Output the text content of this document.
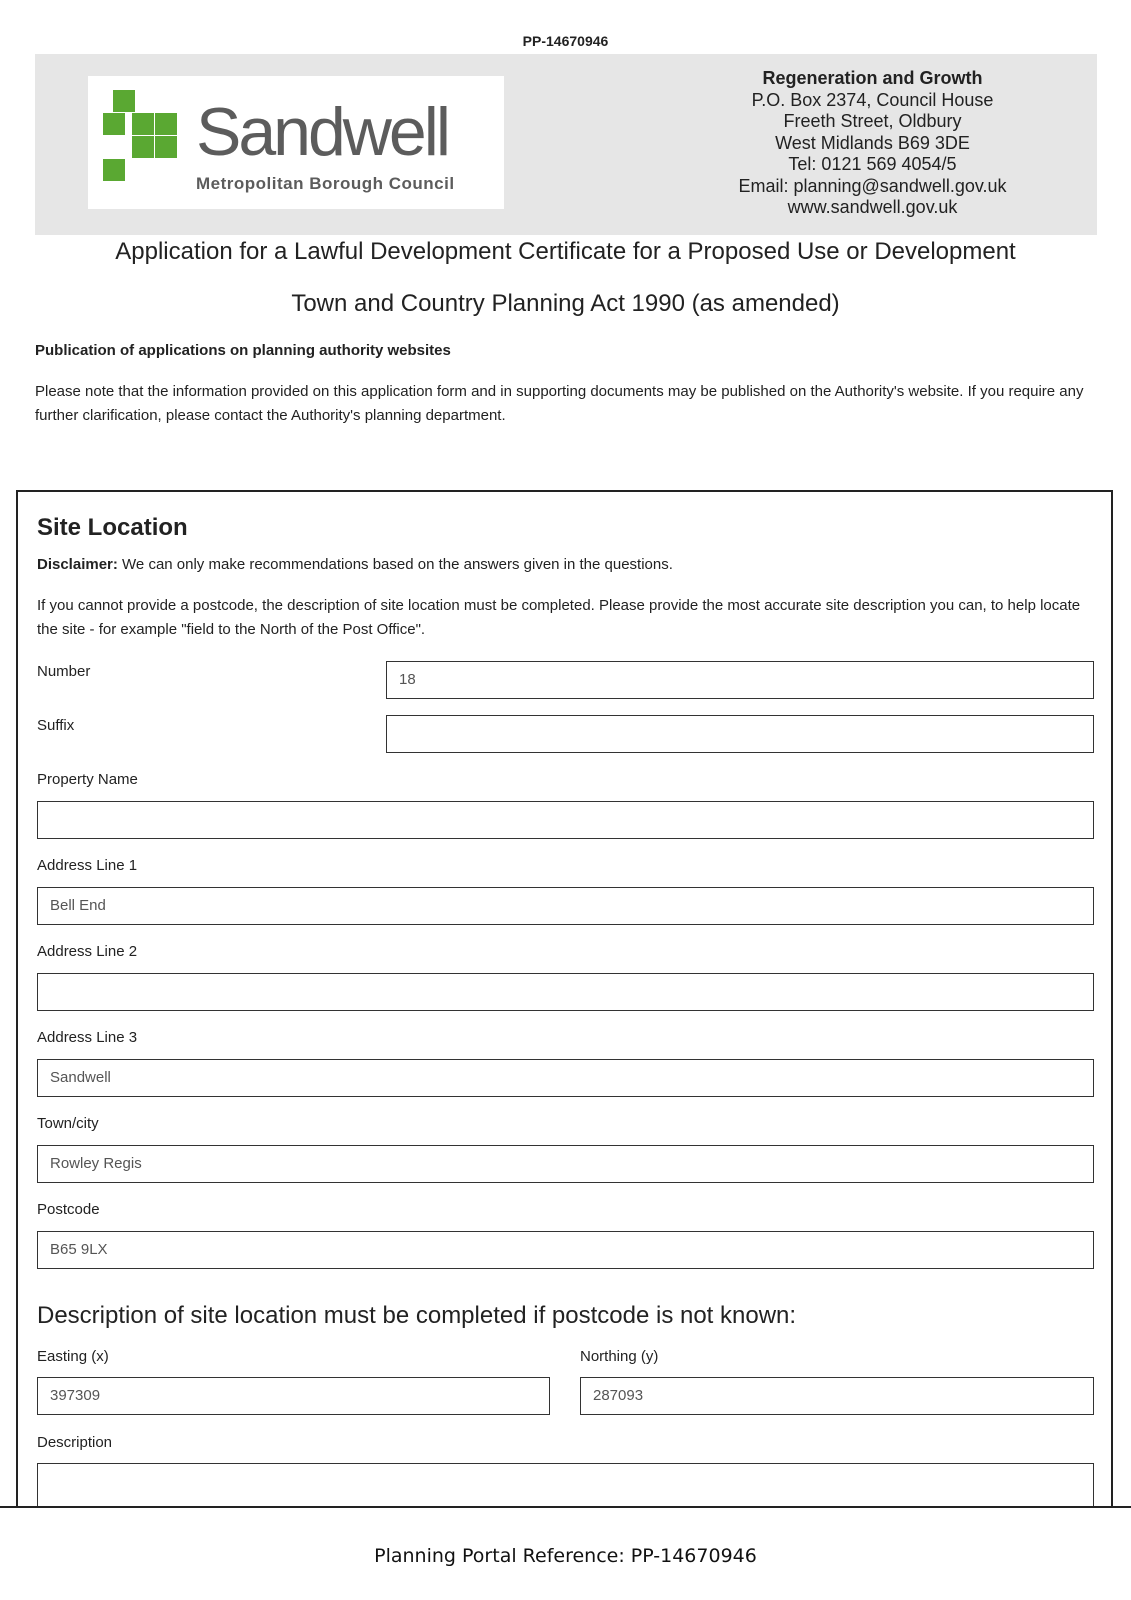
PP-14670946
Sandwell
Metropolitan Borough Council
Regeneration and Growth
P.O. Box 2374, Council House
Freeth Street, Oldbury
West Midlands B69 3DE
Tel: 0121 569 4054/5
Email: planning@sandwell.gov.uk
www.sandwell.gov.uk
Application for a Lawful Development Certificate for a Proposed Use or Development
Town and Country Planning Act 1990 (as amended)
Publication of applications on planning authority websites
Please note that the information provided on this application form and in supporting documents may be published on the Authority's website. If you require any further clarification, please contact the Authority's planning department.
Site Location
Disclaimer: We can only make recommendations based on the answers given in the questions.
If you cannot provide a postcode, the description of site location must be completed. Please provide the most accurate site description you can, to help locate the site - for example "field to the North of the Post Office".
Number	18
Suffix
Property Name
Address Line 1
Bell End
Address Line 2
Address Line 3
Sandwell
Town/city
Rowley Regis
Postcode
B65 9LX
Description of site location must be completed if postcode is not known:
Easting (x)
397309
Northing (y)
287093
Description
Planning Portal Reference: PP-14670946
